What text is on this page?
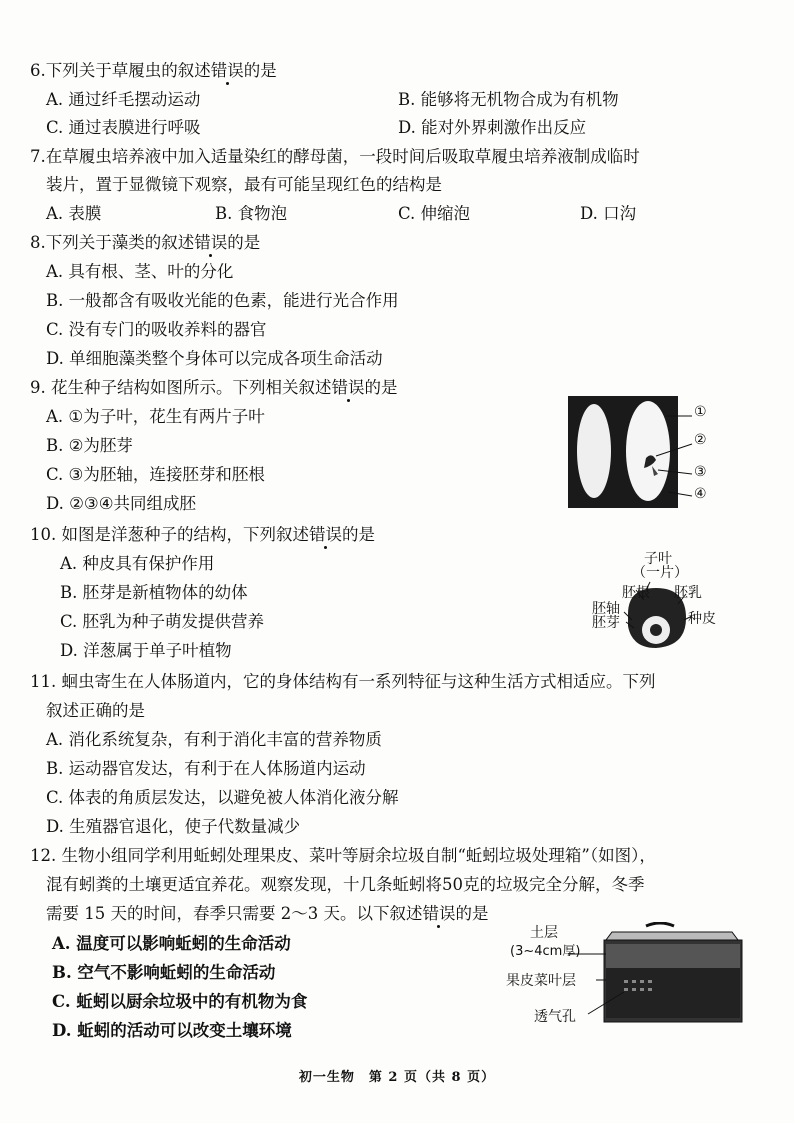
6.下列关于草履虫的叙述错误的是
A. 通过纤毛摆动运动	B. 能够将无机物合成为有机物
C. 通过表膜进行呼吸	D. 能对外界刺激作出反应
7.在草履虫培养液中加入适量染红的酵母菌，一段时间后吸取草履虫培养液制成临时
装片，置于显微镜下观察，最有可能呈现红色的结构是
A. 表膜	B. 食物泡	C. 伸缩泡	D. 口沟
8.下列关于藻类的叙述错误的是
A. 具有根、茎、叶的分化
B. 一般都含有吸收光能的色素，能进行光合作用
C. 没有专门的吸收养料的器官
D. 单细胞藻类整个身体可以完成各项生命活动
9. 花生种子结构如图所示。下列相关叙述错误的是
A. ①为子叶，花生有两片子叶
B. ②为胚芽
C. ③为胚轴，连接胚芽和胚根
D. ②③④共同组成胚
①
②
③
④
10. 如图是洋葱种子的结构，下列叙述错误的是
A. 种皮具有保护作用
B. 胚芽是新植物体的幼体
C. 胚乳为种子萌发提供营养
D. 洋葱属于单子叶植物
子叶
（一片）
胚根 胚乳
胚轴
胚芽	种皮
11. 蛔虫寄生在人体肠道内，它的身体结构有一系列特征与这种生活方式相适应。下列
叙述正确的是
A. 消化系统复杂，有利于消化丰富的营养物质
B. 运动器官发达，有利于在人体肠道内运动
C. 体表的角质层发达，以避免被人体消化液分解
D. 生殖器官退化，使子代数量减少
12. 生物小组同学利用蚯蚓处理果皮、菜叶等厨余垃圾自制“蚯蚓垃圾处理箱”（如图），
混有蚓粪的土壤更适宜养花。观察发现，十几条蚯蚓将50克的垃圾完全分解，冬季
需要 15 天的时间，春季只需要 2～3 天。以下叙述错误的是
A. 温度可以影响蚯蚓的生命活动
B. 空气不影响蚯蚓的生命活动
C. 蚯蚓以厨余垃圾中的有机物为食
D. 蚯蚓的活动可以改变土壤环境
土层
(3~4cm厚)
果皮菜叶层
透气孔
初一生物　第 2 页（共 8 页）
